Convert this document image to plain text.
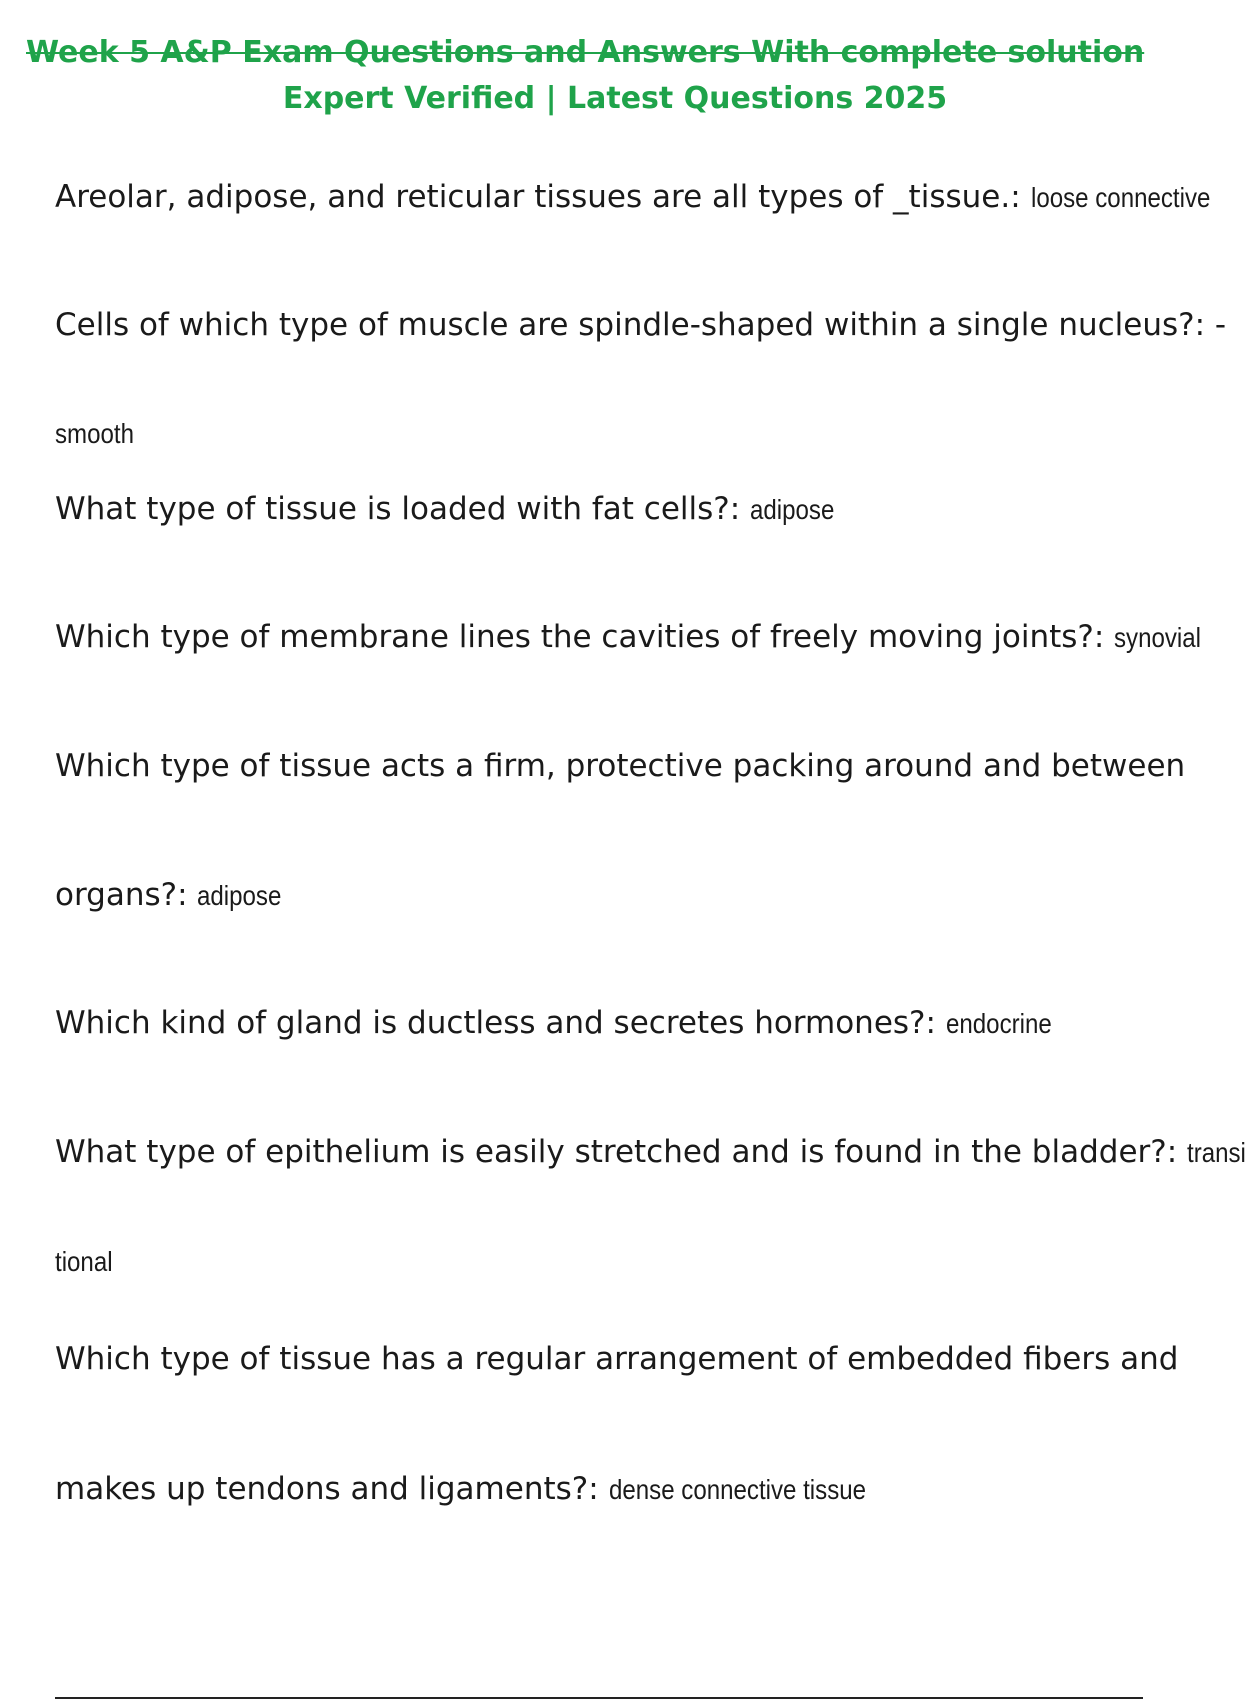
Week 5 A&P Exam Questions and Answers With complete solution
Expert Verified | Latest Questions 2025

Areolar, adipose, and reticular tissues are all types of _tissue.: loose connective

Cells of which type of muscle are spindle-shaped within a single nucleus?: -

smooth

What type of tissue is loaded with fat cells?: adipose

Which type of membrane lines the cavities of freely moving joints?: synovial

Which type of tissue acts a firm, protective packing around and between

organs?: adipose

Which kind of gland is ductless and secretes hormones?: endocrine

What type of epithelium is easily stretched and is found in the bladder?: transi

tional

Which type of tissue has a regular arrangement of embedded fibers and

makes up tendons and ligaments?: dense connective tissue
